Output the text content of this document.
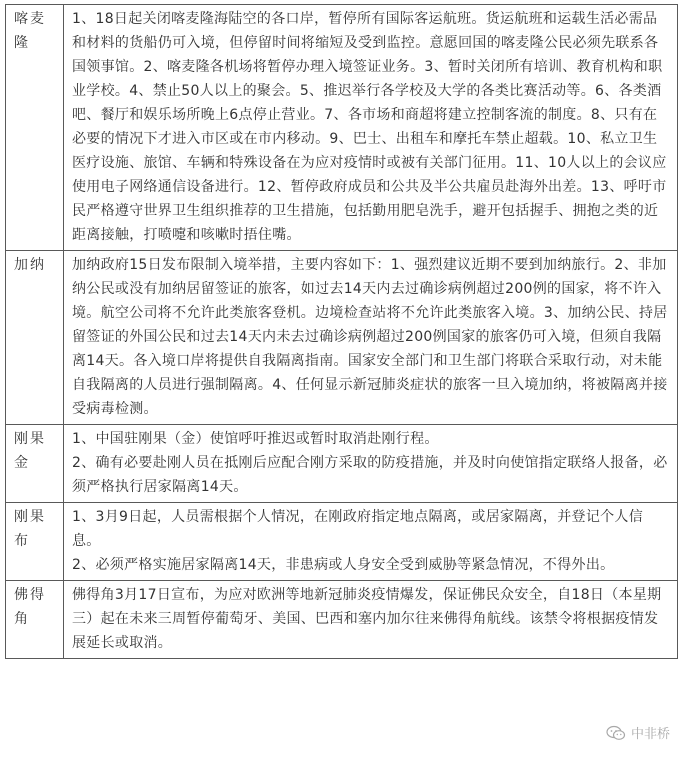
喀麦隆	1、18日起关闭喀麦隆海陆空的各口岸，暂停所有国际客运航班。货运航班和运载生活必需品和材料的货船仍可入境，但停留时间将缩短及受到监控。意愿回国的喀麦隆公民必须先联系各国领事馆。2、喀麦隆各机场将暂停办理入境签证业务。3、暂时关闭所有培训、教育机构和职业学校。4、禁止50人以上的聚会。5、推迟举行各学校及大学的各类比赛活动等。6、各类酒吧、餐厅和娱乐场所晚上6点停止营业。7、各市场和商超将建立控制客流的制度。8、只有在必要的情况下才进入市区或在市内移动。9、巴士、出租车和摩托车禁止超载。10、私立卫生医疗设施、旅馆、车辆和特殊设备在为应对疫情时或被有关部门征用。11、10人以上的会议应使用电子网络通信设备进行。12、暂停政府成员和公共及半公共雇员赴海外出差。13、呼吁市民严格遵守世界卫生组织推荐的卫生措施，包括勤用肥皂洗手，避开包括握手、拥抱之类的近距离接触，打喷嚏和咳嗽时捂住嘴。

加纳	加纳政府15日发布限制入境举措，主要内容如下：1、强烈建议近期不要到加纳旅行。2、非加纳公民或没有加纳居留签证的旅客，如过去14天内去过确诊病例超过200例的国家，将不许入境。航空公司将不允许此类旅客登机。边境检查站将不允许此类旅客入境。3、加纳公民、持居留签证的外国公民和过去14天内未去过确诊病例超过200例国家的旅客仍可入境，但须自我隔离14天。各入境口岸将提供自我隔离指南。国家安全部门和卫生部门将联合采取行动，对未能自我隔离的人员进行强制隔离。4、任何显示新冠肺炎症状的旅客一旦入境加纳，将被隔离并接受病毒检测。

刚果金	1、中国驻刚果（金）使馆呼吁推迟或暂时取消赴刚行程。

2、确有必要赴刚人员在抵刚后应配合刚方采取的防疫措施，并及时向使馆指定联络人报备，必须严格执行居家隔离14天。

刚果布	1、3月9日起，人员需根据个人情况，在刚政府指定地点隔离，或居家隔离，并登记个人信息。

2、必须严格实施居家隔离14天，非患病或人身安全受到威胁等紧急情况，不得外出。

佛得角	佛得角3月17日宣布，为应对欧洲等地新冠肺炎疫情爆发，保证佛民众安全，自18日（本星期三）起在未来三周暂停葡萄牙、美国、巴西和塞内加尔往来佛得角航线。该禁令将根据疫情发展延长或取消。

中非桥
